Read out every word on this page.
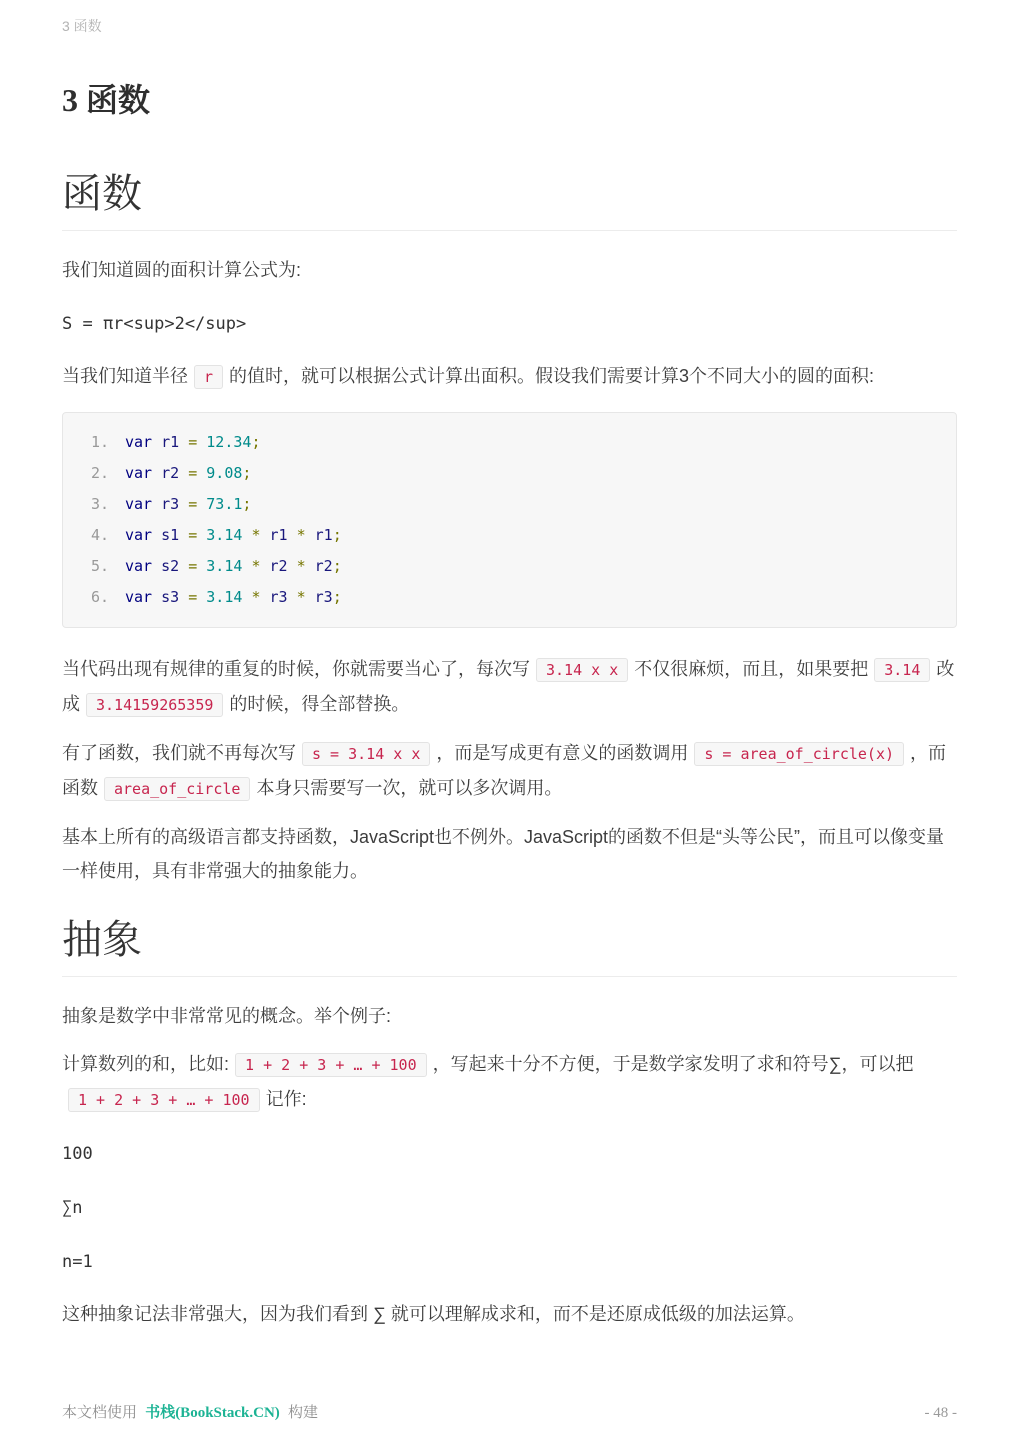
3 函数
3 函数
函数

我们知道圆的面积计算公式为:

S = πr<sup>2</sup>

当我们知道半径 r 的值时，就可以根据公式计算出面积。假设我们需要计算3个不同大小的圆的面积:

1. var r1 = 12.34;
2. var r2 = 9.08;
3. var r3 = 73.1;
4. var s1 = 3.14 * r1 * r1;
5. var s2 = 3.14 * r2 * r2;
6. var s3 = 3.14 * r3 * r3;

当代码出现有规律的重复的时候，你就需要当心了，每次写 3.14 x x 不仅很麻烦，而且，如果要把 3.14 改成 3.14159265359 的时候，得全部替换。

有了函数，我们就不再每次写 s = 3.14 x x ，而是写成更有意义的函数调用 s = area_of_circle(x) ，而函数 area_of_circle 本身只需要写一次，就可以多次调用。

基本上所有的高级语言都支持函数，JavaScript也不例外。JavaScript的函数不但是“头等公民”，而且可以像变量一样使用，具有非常强大的抽象能力。

抽象

抽象是数学中非常常见的概念。举个例子:

计算数列的和，比如: 1 + 2 + 3 + … + 100 ，写起来十分不方便，于是数学家发明了求和符号∑，可以把1 + 2 + 3 + … + 100 记作:

100

∑n

n=1

这种抽象记法非常强大，因为我们看到 ∑ 就可以理解成求和，而不是还原成低级的加法运算。

本文档使用 书栈(BookStack.CN) 构建	- 48 -
